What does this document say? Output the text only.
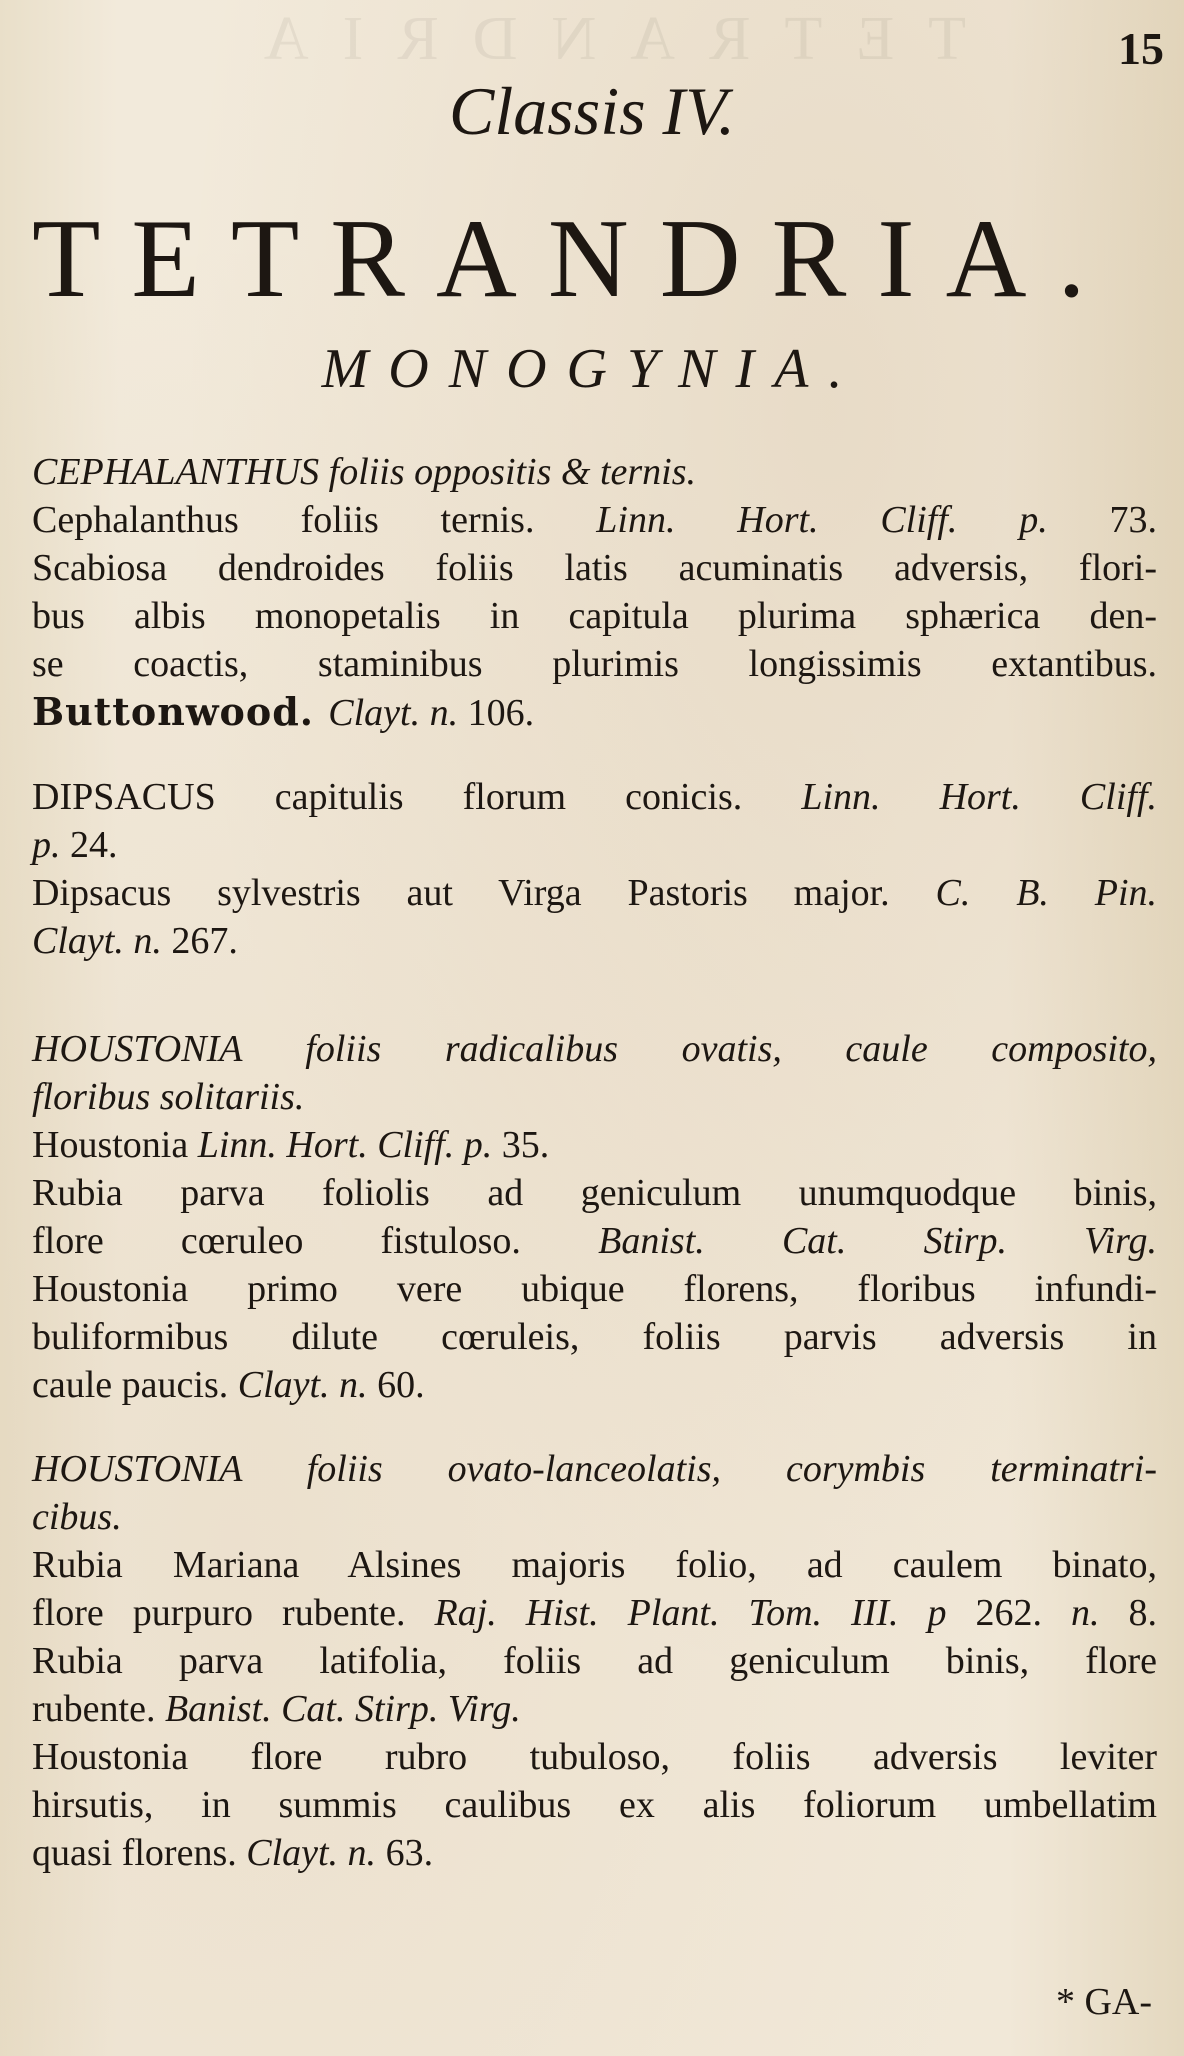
TETRANDRIA	15
Classis IV.
TETRANDRIA.
MONOGYNIA.
CEPHALANTHUS foliis oppositis & ternis.
Cephalanthus foliis ternis. Linn. Hort. Cliff. p. 73.
Scabiosa dendroides foliis latis acuminatis adversis, flori-
bus albis monopetalis in capitula plurima sphærica den-
se coactis, staminibus plurimis longissimis extantibus.
Buttonwood. Clayt. n. 106.
DIPSACUS capitulis florum conicis. Linn. Hort. Cliff.
p. 24.
Dipsacus sylvestris aut Virga Pastoris major. C. B. Pin.
Clayt. n. 267.
HOUSTONIA foliis radicalibus ovatis, caule composito,
floribus solitariis.
Houstonia Linn. Hort. Cliff. p. 35.
Rubia parva foliolis ad geniculum unumquodque binis,
flore cœruleo fistuloso. Banist. Cat. Stirp. Virg.
Houstonia primo vere ubique florens, floribus infundi-
buliformibus dilute cœruleis, foliis parvis adversis in
caule paucis. Clayt. n. 60.
HOUSTONIA foliis ovato-lanceolatis, corymbis terminatri-
cibus.
Rubia Mariana Alsines majoris folio, ad caulem binato,
flore purpuro rubente. Raj. Hist. Plant. Tom. III. p 262. n. 8.
Rubia parva latifolia, foliis ad geniculum binis, flore
rubente. Banist. Cat. Stirp. Virg.
Houstonia flore rubro tubuloso, foliis adversis leviter
hirsutis, in summis caulibus ex alis foliorum umbellatim
quasi florens. Clayt. n. 63.
* GA-
